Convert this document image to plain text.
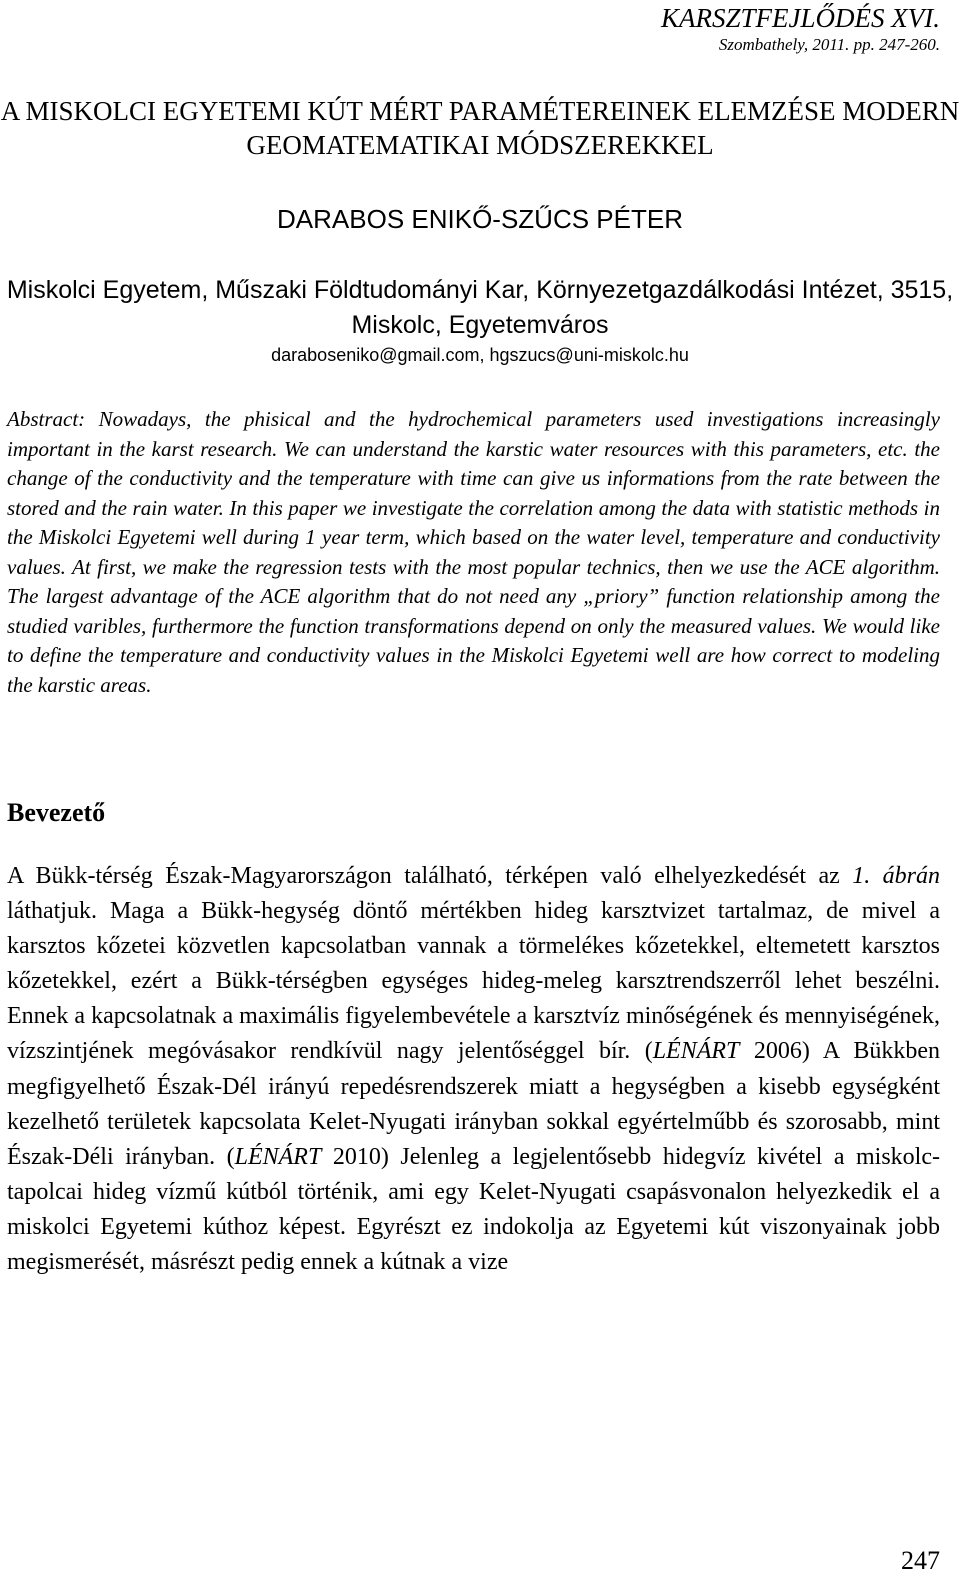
KARSZTFEJLŐDÉS XVI.
Szombathely, 2011. pp. 247-260.
A MISKOLCI EGYETEMI KÚT MÉRT PARAMÉTEREINEK ELEMZÉSE MODERN GEOMATEMATIKAI MÓDSZEREKKEL
DARABOS ENIKŐ-SZŰCS PÉTER
Miskolci Egyetem, Műszaki Földtudományi Kar, Környezetgazdálkodási Intézet, 3515, Miskolc, Egyetemváros
daraboseniko@gmail.com, hgszucs@uni-miskolc.hu
Abstract: Nowadays, the phisical and the hydrochemical parameters used investigations increasingly important in the karst research. We can understand the karstic water resources with this parameters, etc. the change of the conductivity and the temperature with time can give us informations from the rate between the stored and the rain water. In this paper we investigate the correlation among the data with statistic methods in the Miskolci Egyetemi well during 1 year term, which based on the water level, temperature and conductivity values. At first, we make the regression tests with the most popular technics, then we use the ACE algorithm. The largest advantage of the ACE algorithm that do not need any „priory” function relationship among the studied varibles, furthermore the function transformations depend on only the measured values. We would like to define the temperature and conductivity values in the Miskolci Egyetemi well are how correct to modeling the karstic areas.
Bevezető

A Bükk-térség Észak-Magyarországon található, térképen való elhelyezkedését az 1. ábrán láthatjuk. Maga a Bükk-hegység döntő mértékben hideg karsztvizet tartalmaz, de mivel a karsztos kőzetei közvetlen kapcsolatban vannak a törmelékes kőzetekkel, eltemetett karsztos kőzetekkel, ezért a Bükk-térségben egységes hideg-meleg karsztrendszerről lehet beszélni. Ennek a kapcsolatnak a maximális figyelembevétele a karsztvíz minőségének és mennyiségének, vízszintjének megóvásakor rendkívül nagy jelentőséggel bír. (LÉNÁRT 2006) A Bükkben megfigyelhető Észak-Dél irányú repedésrendszerek miatt a hegységben a kisebb egységként kezelhető területek kapcsolata Kelet-Nyugati irányban sokkal egyértelműbb és szorosabb, mint Észak-Déli irányban. (LÉNÁRT 2010) Jelenleg a legjelentősebb hidegvíz kivétel a miskolc-tapolcai hideg vízmű kútból történik, ami egy Kelet-Nyugati csapásvonalon helyezkedik el a miskolci Egyetemi kúthoz képest. Egyrészt ez indokolja az Egyetemi kút viszonyainak jobb megismerését, másrészt pedig ennek a kútnak a vize

247
